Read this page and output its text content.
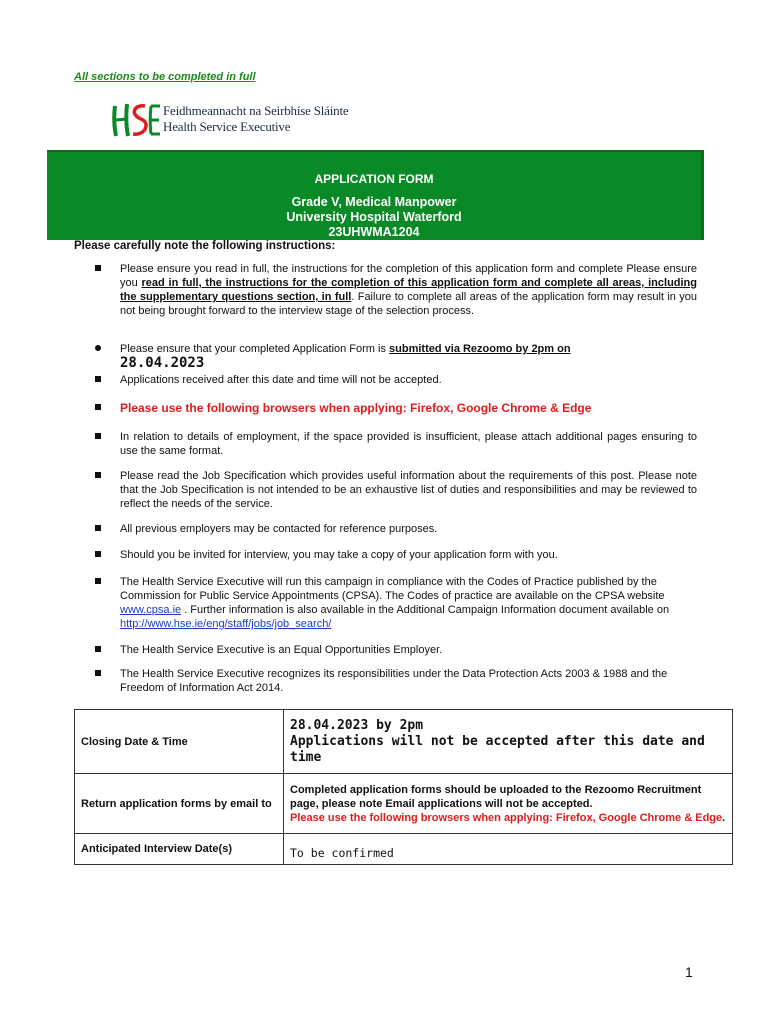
All sections to be completed in full
Feidhmeannacht na Seirbhíse Sláinte
Health Service Executive
APPLICATION FORM
Grade V, Medical Manpower
University Hospital Waterford
23UHWMA1204
Please carefully note the following instructions:
Please ensure you read in full, the instructions for the completion of this application form and complete Please ensure you read in full, the instructions for the completion of this application form and complete all areas, including the supplementary questions section, in full. Failure to complete all areas of the application form may result in you not being brought forward to the interview stage of the selection process.
Please ensure that your completed Application Form is submitted via Rezoomo by 2pm on
28.04.2023
Applications received after this date and time will not be accepted.
Please use the following browsers when applying: Firefox, Google Chrome & Edge
In relation to details of employment, if the space provided is insufficient, please attach additional pages ensuring to use the same format.
Please read the Job Specification which provides useful information about the requirements of this post. Please note that the Job Specification is not intended to be an exhaustive list of duties and responsibilities and may be reviewed to reflect the needs of the service.
All previous employers may be contacted for reference purposes.
Should you be invited for interview, you may take a copy of your application form with you.
The Health Service Executive will run this campaign in compliance with the Codes of Practice published by the Commission for Public Service Appointments (CPSA). The Codes of practice are available on the CPSA website www.cpsa.ie . Further information is also available in the Additional Campaign Information document available on http://www.hse.ie/eng/staff/jobs/job_search/
The Health Service Executive is an Equal Opportunities Employer.
The Health Service Executive recognizes its responsibilities under the Data Protection Acts 2003 & 1988 and the Freedom of Information Act 2014.
Closing Date & Time	28.04.2023 by 2pm
Applications will not be accepted after this date and time

Return application forms by email to	Completed application forms should be uploaded to the Rezoomo Recruitment page, please note Email applications will not be accepted.
Please use the following browsers when applying: Firefox, Google Chrome & Edge.

Anticipated Interview Date(s)	To be confirmed
1
